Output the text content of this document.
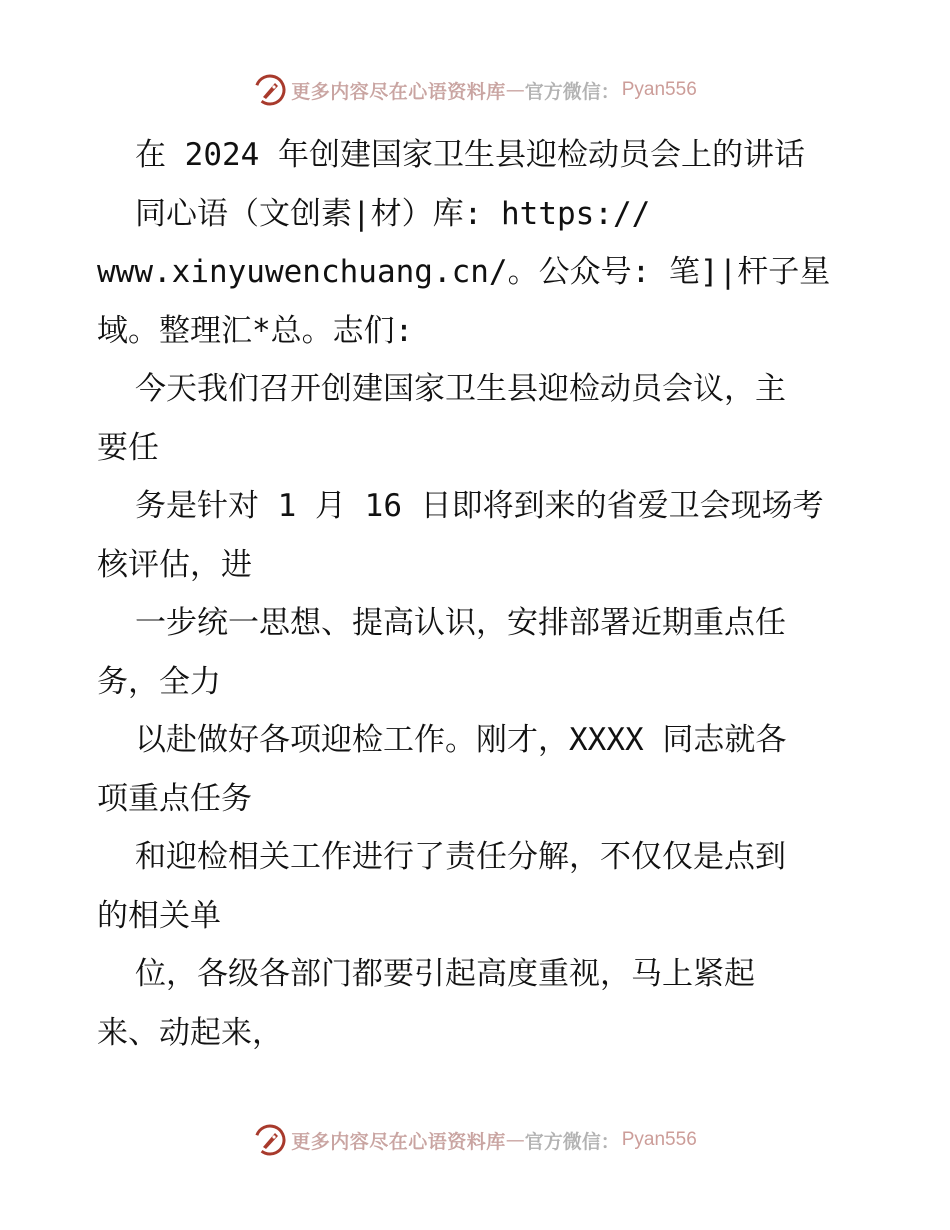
更多内容尽在心语资料库 — 官方微信： Pyan556
在 2024 年创建国家卫生县迎检动员会上的讲话
同心语（文创素|材）库: https://
www.xinyuwenchuang.cn/。公众号: 笔]|杆子星
域。整理汇*总。志们:
今天我们召开创建国家卫生县迎检动员会议，主
要任
务是针对 1 月 16 日即将到来的省爱卫会现场考
核评估，进
一步统一思想、提高认识，安排部署近期重点任
务，全力
以赴做好各项迎检工作。刚才，XXXX 同志就各
项重点任务
和迎检相关工作进行了责任分解，不仅仅是点到
的相关单
位，各级各部门都要引起高度重视，马上紧起
来、动起来，
更多内容尽在心语资料库 — 官方微信： Pyan556
